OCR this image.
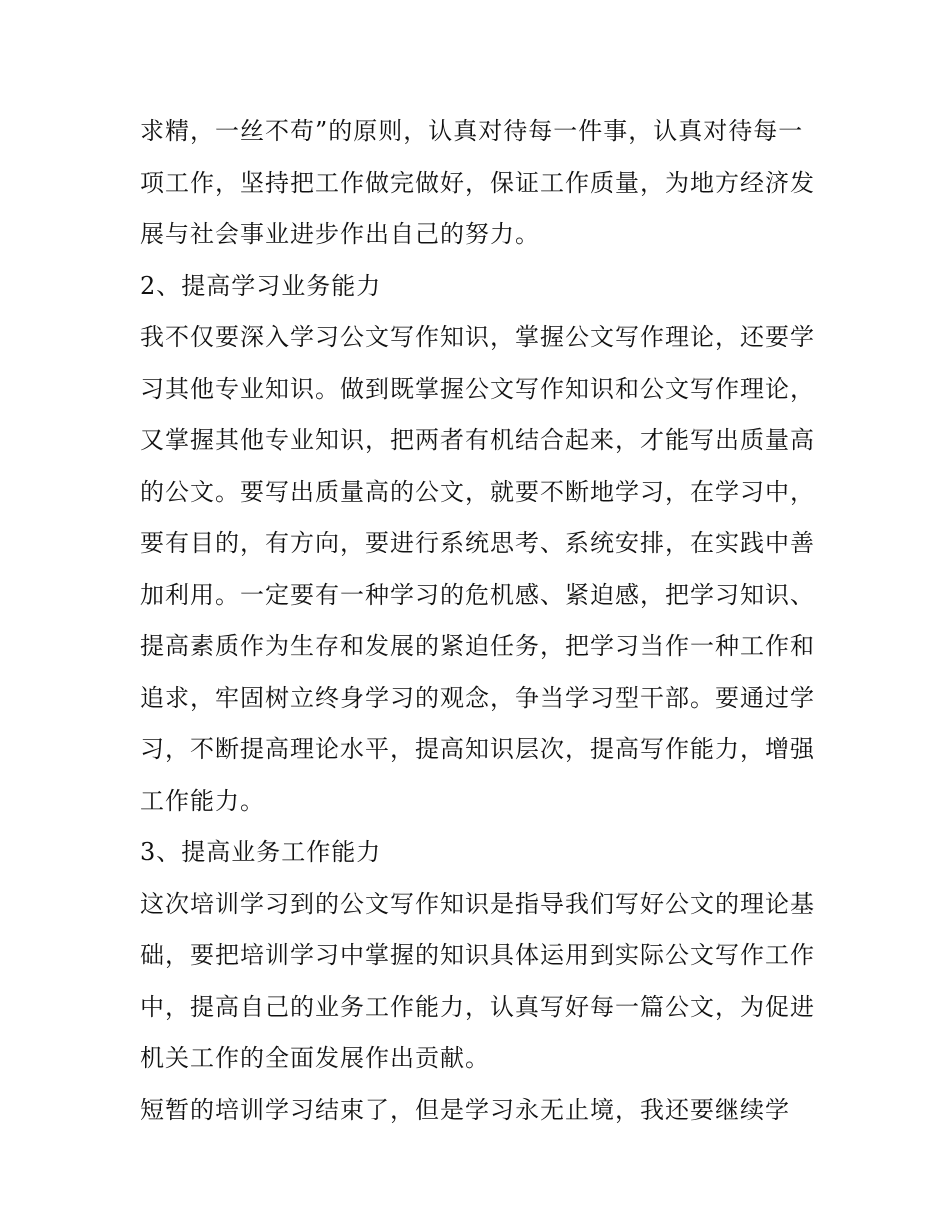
求精，一丝不苟”的原则，认真对待每一件事，认真对待每一
项工作，坚持把工作做完做好，保证工作质量，为地方经济发
展与社会事业进步作出自己的努力。
2、提高学习业务能力
我不仅要深入学习公文写作知识，掌握公文写作理论，还要学
习其他专业知识。做到既掌握公文写作知识和公文写作理论，
又掌握其他专业知识，把两者有机结合起来，才能写出质量高
的公文。要写出质量高的公文，就要不断地学习，在学习中，
要有目的，有方向，要进行系统思考、系统安排，在实践中善
加利用。一定要有一种学习的危机感、紧迫感，把学习知识、
提高素质作为生存和发展的紧迫任务，把学习当作一种工作和
追求，牢固树立终身学习的观念，争当学习型干部。要通过学
习，不断提高理论水平，提高知识层次，提高写作能力，增强
工作能力。
3、提高业务工作能力
这次培训学习到的公文写作知识是指导我们写好公文的理论基
础，要把培训学习中掌握的知识具体运用到实际公文写作工作
中，提高自己的业务工作能力，认真写好每一篇公文，为促进
机关工作的全面发展作出贡献。
短暂的培训学习结束了，但是学习永无止境，我还要继续学
